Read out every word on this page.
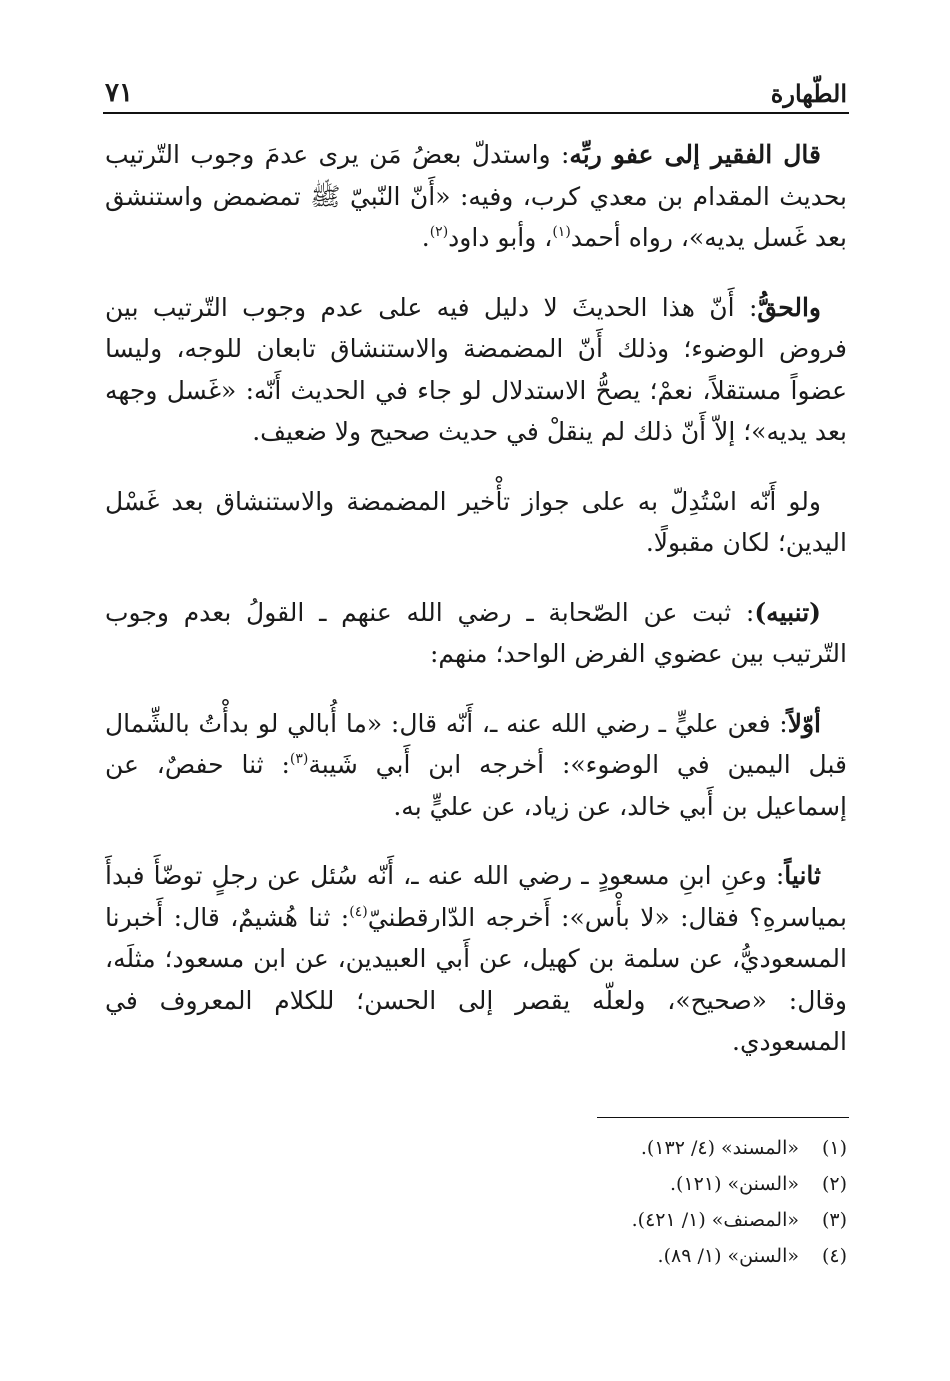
الطّهارة
٧١

قال الفقير إلى عفو ربِّه: واستدلّ بعضُ مَن يرى عدمَ وجوب التّرتيب بحديث المقدام بن معدي كرب، وفيه: «أَنّ النّبيّ ﷺ تمضمض واستنشق بعد غَسل يديه»، رواه أحمد$^{(١)}$، وأبو داود$^{(٢)}$.

والحقُّ: أَنّ هذا الحديثَ لا دليل فيه على عدم وجوب التّرتيب بين فروض الوضوء؛ وذلك أَنّ المضمضة والاستنشاق تابعان للوجه، وليسا عضواً مستقلاً، نعمْ؛ يصحُّ الاستدلال لو جاء في الحديث أَنّه: «غَسل وجهه بعد يديه»؛ إلاّ أَنّ ذلك لم ينقلْ في حديث صحيح ولا ضعيف.

ولو أَنّه اسْتُدِلّ به على جواز تأْخير المضمضة والاستنشاق بعد غَسْل اليدين؛ لكان مقبولًا.

(تنبيه): ثبت عن الصّحابة ـ رضي الله عنهم ـ القولُ بعدم وجوب التّرتيب بين عضوي الفرض الواحد؛ منهم:

أوّلاً: فعن عليٍّ ـ رضي الله عنه ـ، أَنّه قال: «ما أُبالي لو بدأْتُ بالشِّمال قبل اليمين في الوضوء»: أخرجه ابن أَبي شَيبة$^{(٣)}$: ثنا حفصٌ، عن إسماعيل بن أَبي خالد، عن زياد، عن عليٍّ به.

ثانياً: وعنِ ابنِ مسعودٍ ـ رضي الله عنه ـ، أَنّه سُئل عن رجلٍ توضّأَ فبدأَ بمياسرهِ؟ فقال: «لا بأْس»: أَخرجه الدّارقطنيّ$^{(٤)}$: ثنا هُشيمٌ، قال: أَخبرنا المسعوديُّ، عن سلمة بن كهيل، عن أَبي العبيدين، عن ابن مسعود؛ مثلَه، وقال: «صحيح»، ولعلّه يقصر إلى الحسن؛ للكلام المعروف في المسعودي.

(١)
«المسند» (٤/ ١٣٢).
(٢)
«السنن» (١٢١).
(٣)
«المصنف» (١/ ٤٢١).
(٤)
«السنن» (١/ ٨٩).
